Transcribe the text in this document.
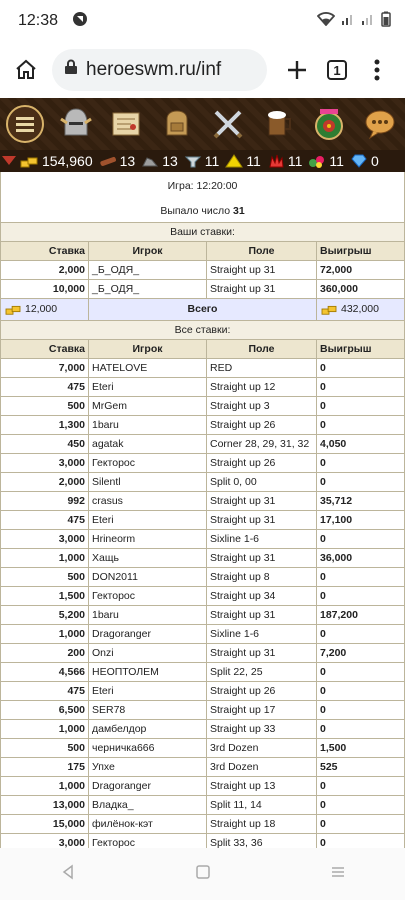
12:38
heroeswm.ru/inf	1
154,960 13 13 11 11 11 11 0
Игра: 12:20:00			
Выпало число 31			
Ваши ставки:			
Ставка	Игрок	Поле	Выигрыш
2,000	_Б_ОДЯ_	Straight up 31	72,000
10,000	_Б_ОДЯ_	Straight up 31	360,000

12,000	Всего		432,000

Все ставки:			
Ставка	Игрок	Поле	Выигрыш
7,000	HATELOVE	RED	0
475	Eteri	Straight up 12	0
500	MrGem	Straight up 3	0
1,300	1baru	Straight up 26	0
450	agatak	Corner 28, 29, 31, 32	4,050
3,000	Гекторос	Straight up 26	0
2,000	Silentl	Split 0, 00	0
992	crasus	Straight up 31	35,712
475	Eteri	Straight up 31	17,100
3,000	Hrineorm	Sixline 1-6	0
1,000	Хащь	Straight up 31	36,000
500	DON2011	Straight up 8	0
1,500	Гекторос	Straight up 34	0
5,200	1baru	Straight up 31	187,200
1,000	Dragoranger	Sixline 1-6	0
200	Onzi	Straight up 31	7,200
4,566	НЕОПТОЛЕМ	Split 22, 25	0
475	Eteri	Straight up 26	0
6,500	SER78	Straight up 17	0
1,000	дамбелдор	Straight up 33	0
500	черничка666	3rd Dozen	1,500
175	Упхе	3rd Dozen	525
1,000	Dragoranger	Straight up 13	0
13,000	Владка_	Split 11, 14	0
15,000	филёнок-кэт	Straight up 18	0
3,000	Гекторос	Split 33, 36	0
